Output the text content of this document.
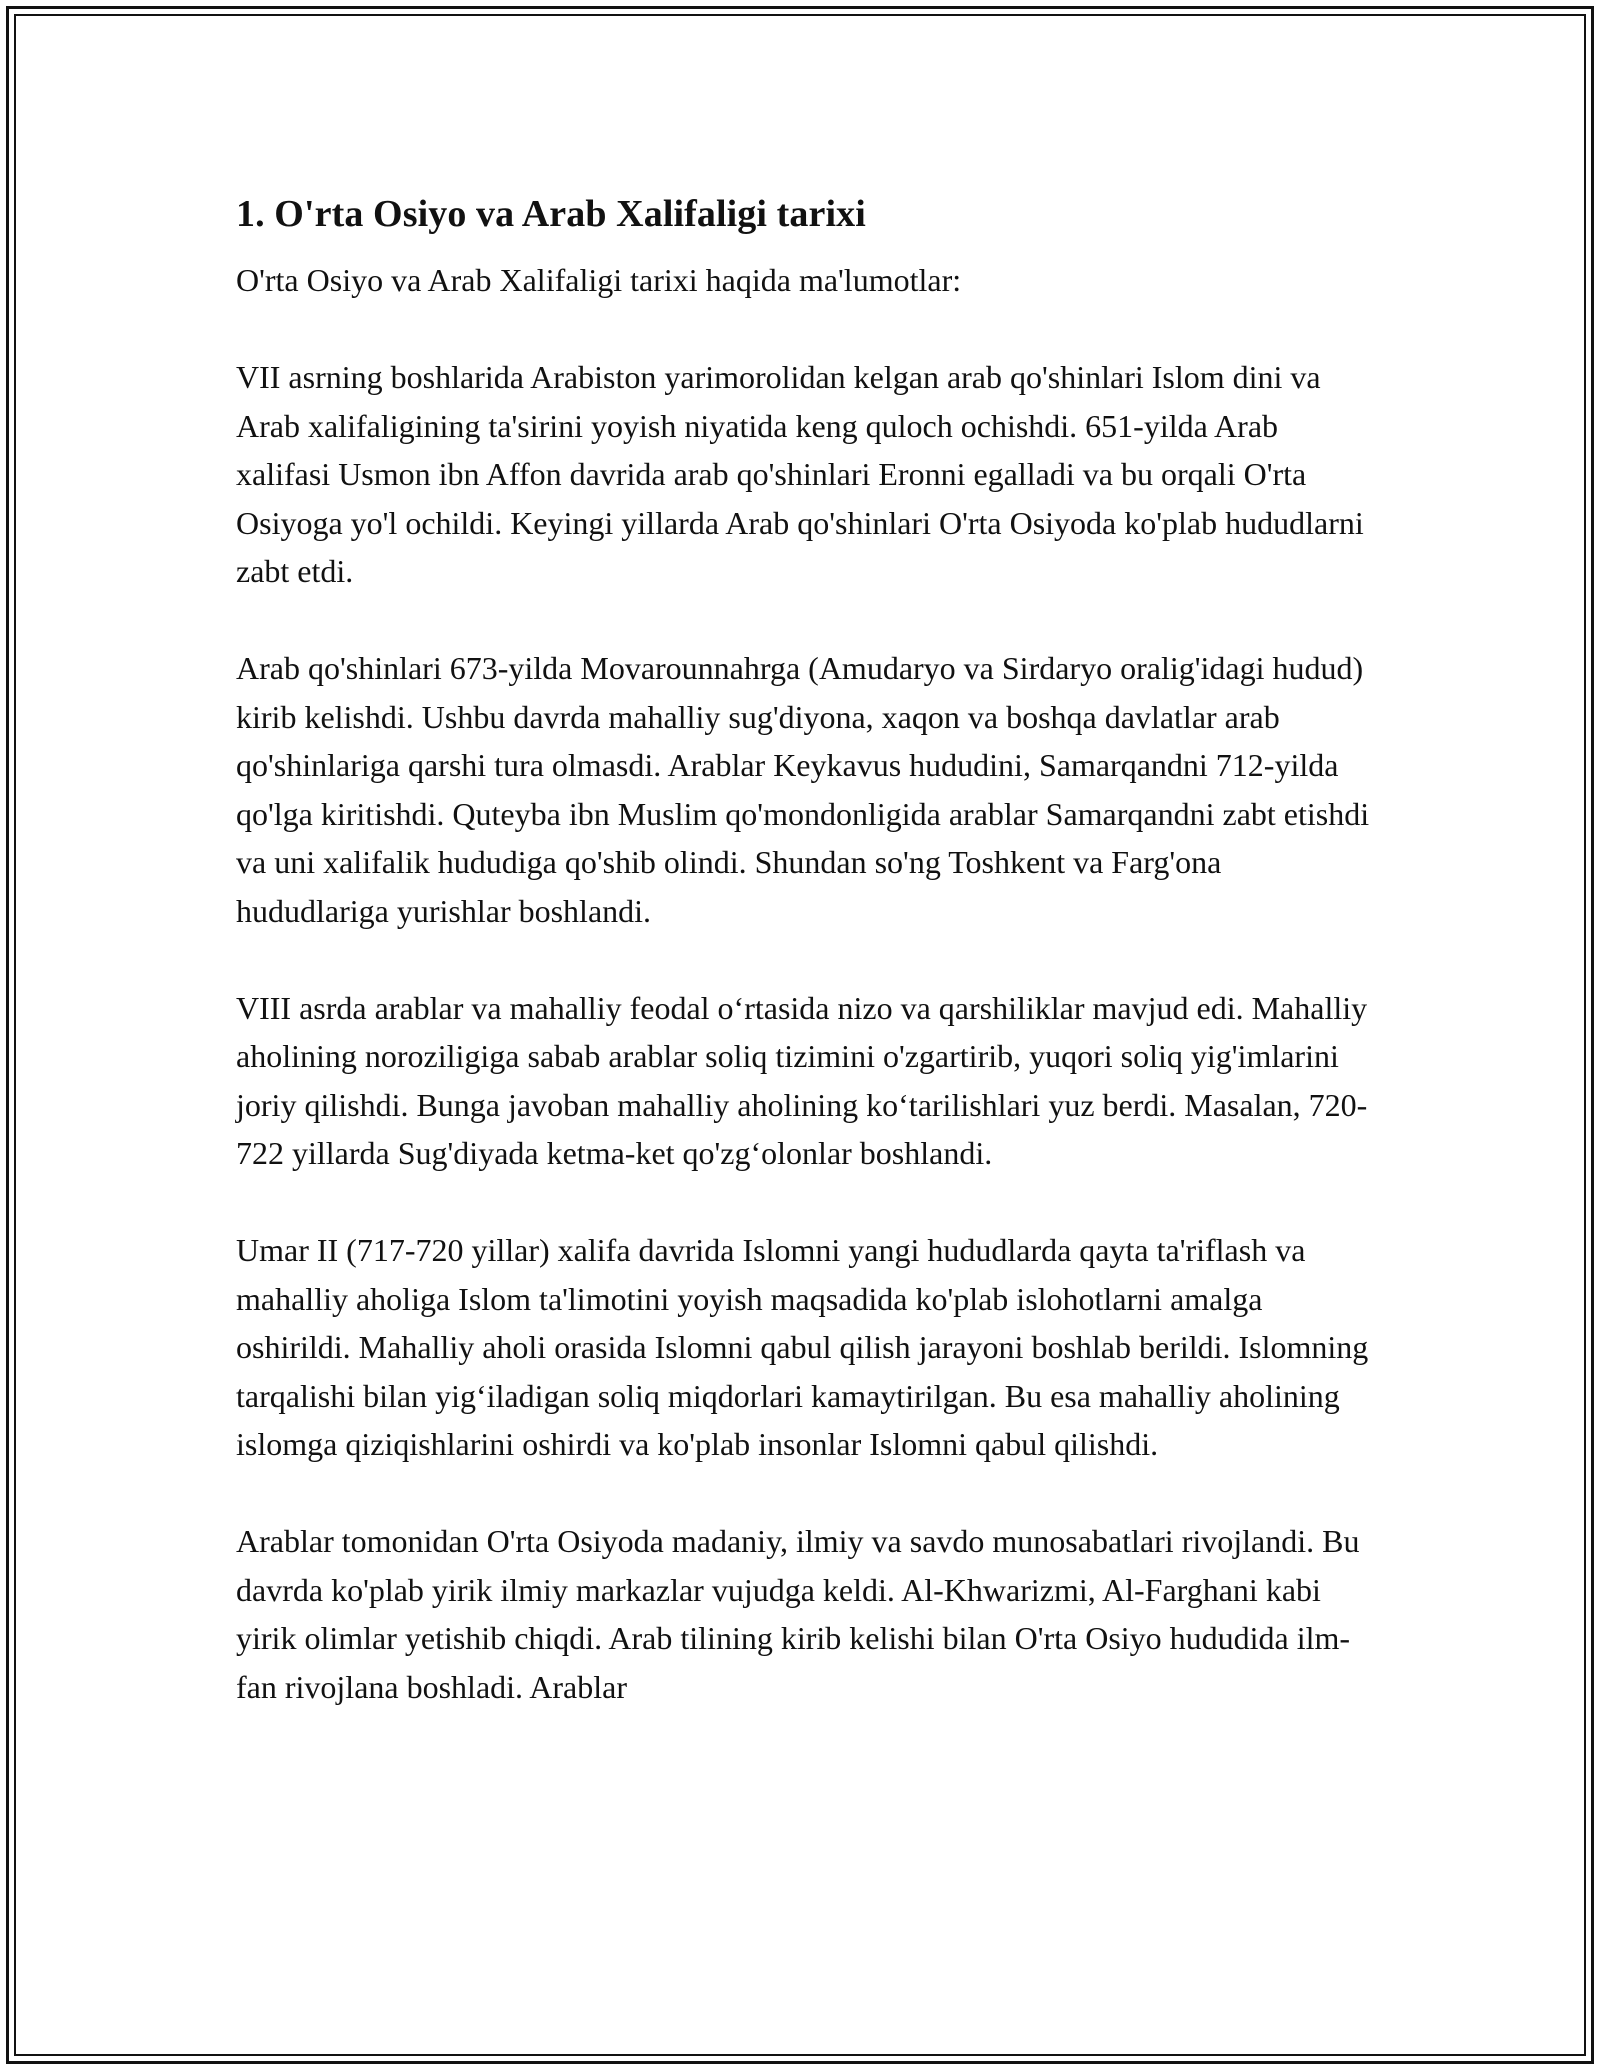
1. O'rta Osiyo va Arab Xalifaligi tarixi

O'rta Osiyo va Arab Xalifaligi tarixi haqida ma'lumotlar:

VII asrning boshlarida Arabiston yarimorolidan kelgan arab qo'shinlari Islom dini va Arab xalifaligining ta'sirini yoyish niyatida keng quloch ochishdi. 651-yilda Arab xalifasi Usmon ibn Affon davrida arab qo'shinlari Eronni egalladi va bu orqali O'rta Osiyoga yo'l ochildi. Keyingi yillarda Arab qo'shinlari O'rta Osiyoda ko'plab hududlarni zabt etdi.

Arab qo'shinlari 673-yilda Movarounnahrga (Amudaryo va Sirdaryo oralig'idagi hudud) kirib kelishdi. Ushbu davrda mahalliy sug'diyona, xaqon va boshqa davlatlar arab qo'shinlariga qarshi tura olmasdi. Arablar Keykavus hududini, Samarqandni 712-yilda qo'lga kiritishdi. Quteyba ibn Muslim qo'mondonligida arablar Samarqandni zabt etishdi va uni xalifalik hududiga qo'shib olindi. Shundan so'ng Toshkent va Farg'ona hududlariga yurishlar boshlandi.

VIII asrda arablar va mahalliy feodal o‘rtasida nizo va qarshiliklar mavjud edi. Mahalliy aholining noroziligiga sabab arablar soliq tizimini o'zgartirib, yuqori soliq yig'imlarini joriy qilishdi. Bunga javoban mahalliy aholining ko‘tarilishlari yuz berdi. Masalan, 720-722 yillarda Sug'diyada ketma-ket qo'zg‘olonlar boshlandi.

Umar II (717-720 yillar) xalifa davrida Islomni yangi hududlarda qayta ta'riflash va mahalliy aholiga Islom ta'limotini yoyish maqsadida ko'plab islohotlarni amalga oshirildi. Mahalliy aholi orasida Islomni qabul qilish jarayoni boshlab berildi. Islomning tarqalishi bilan yig‘iladigan soliq miqdorlari kamaytirilgan. Bu esa mahalliy aholining islomga qiziqishlarini oshirdi va ko'plab insonlar Islomni qabul qilishdi.

Arablar tomonidan O'rta Osiyoda madaniy, ilmiy va savdo munosabatlari rivojlandi. Bu davrda ko'plab yirik ilmiy markazlar vujudga keldi. Al-Khwarizmi, Al-Farghani kabi yirik olimlar yetishib chiqdi. Arab tilining kirib kelishi bilan O'rta Osiyo hududida ilm-fan rivojlana boshladi. Arablar
